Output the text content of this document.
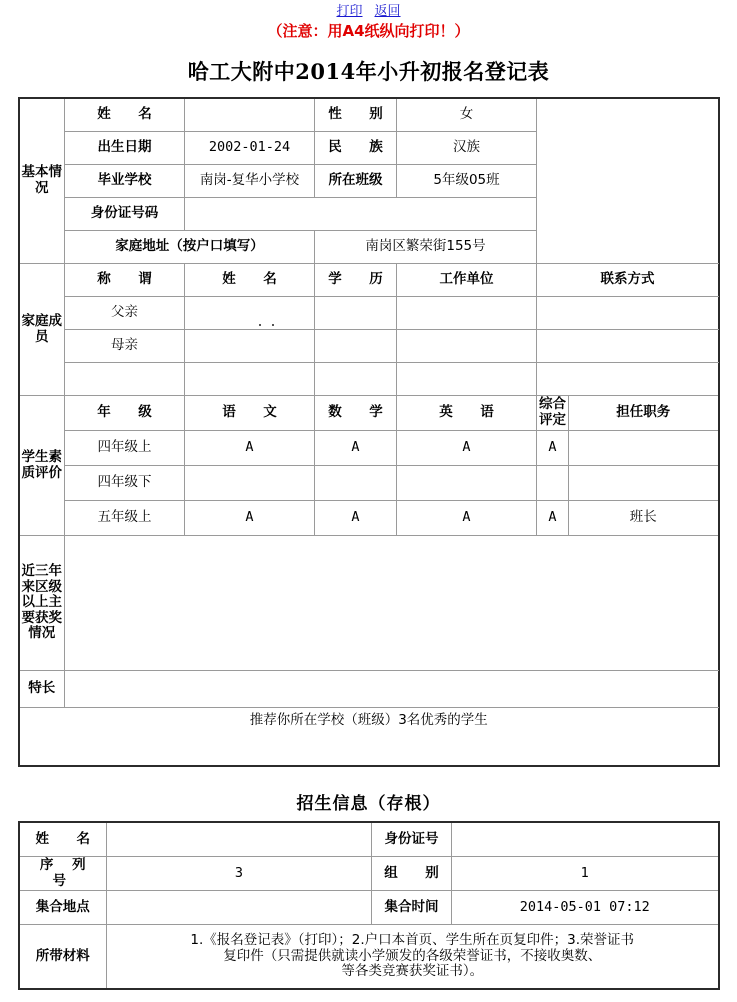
打印 返回
（注意：用A4纸纵向打印！）
哈工大附中2014年小升初报名登记表
基本情况	姓　名		性　别	女		
	出生日期	2002-01-24	民　族	汉族		
	毕业学校	南岗-复华小学校	所在班级	5年级05班		
	身份证号码					
	家庭地址（按户口填写）		南岗区繁荣街155号			
家庭成员	称　谓	姓　名	学　历	工作单位	联系方式	
	父亲					
	母亲					

学生素质评价	年　级	语　文	数　学	英　语	综合评定	担任职务
	四年级上	A	A	A	A	
	四年级下					
	五年级上	A	A	A	A	班长
近三年来区级以上主要获奖情况						
特长						
推荐你所在学校（班级）3名优秀的学生						
招生信息（存根）
姓　名		身份证号	
序 列 号	3	组　别	1
集合地点		集合时间	2014-05-01 07:12
所带材料	1.《报名登记表》（打印）；2.户口本首页、学生所在页复印件；3.荣誉证书
复印件（只需提供就读小学颁发的各级荣誉证书，不接收奥数、
等各类竞赛获奖证书）。		
